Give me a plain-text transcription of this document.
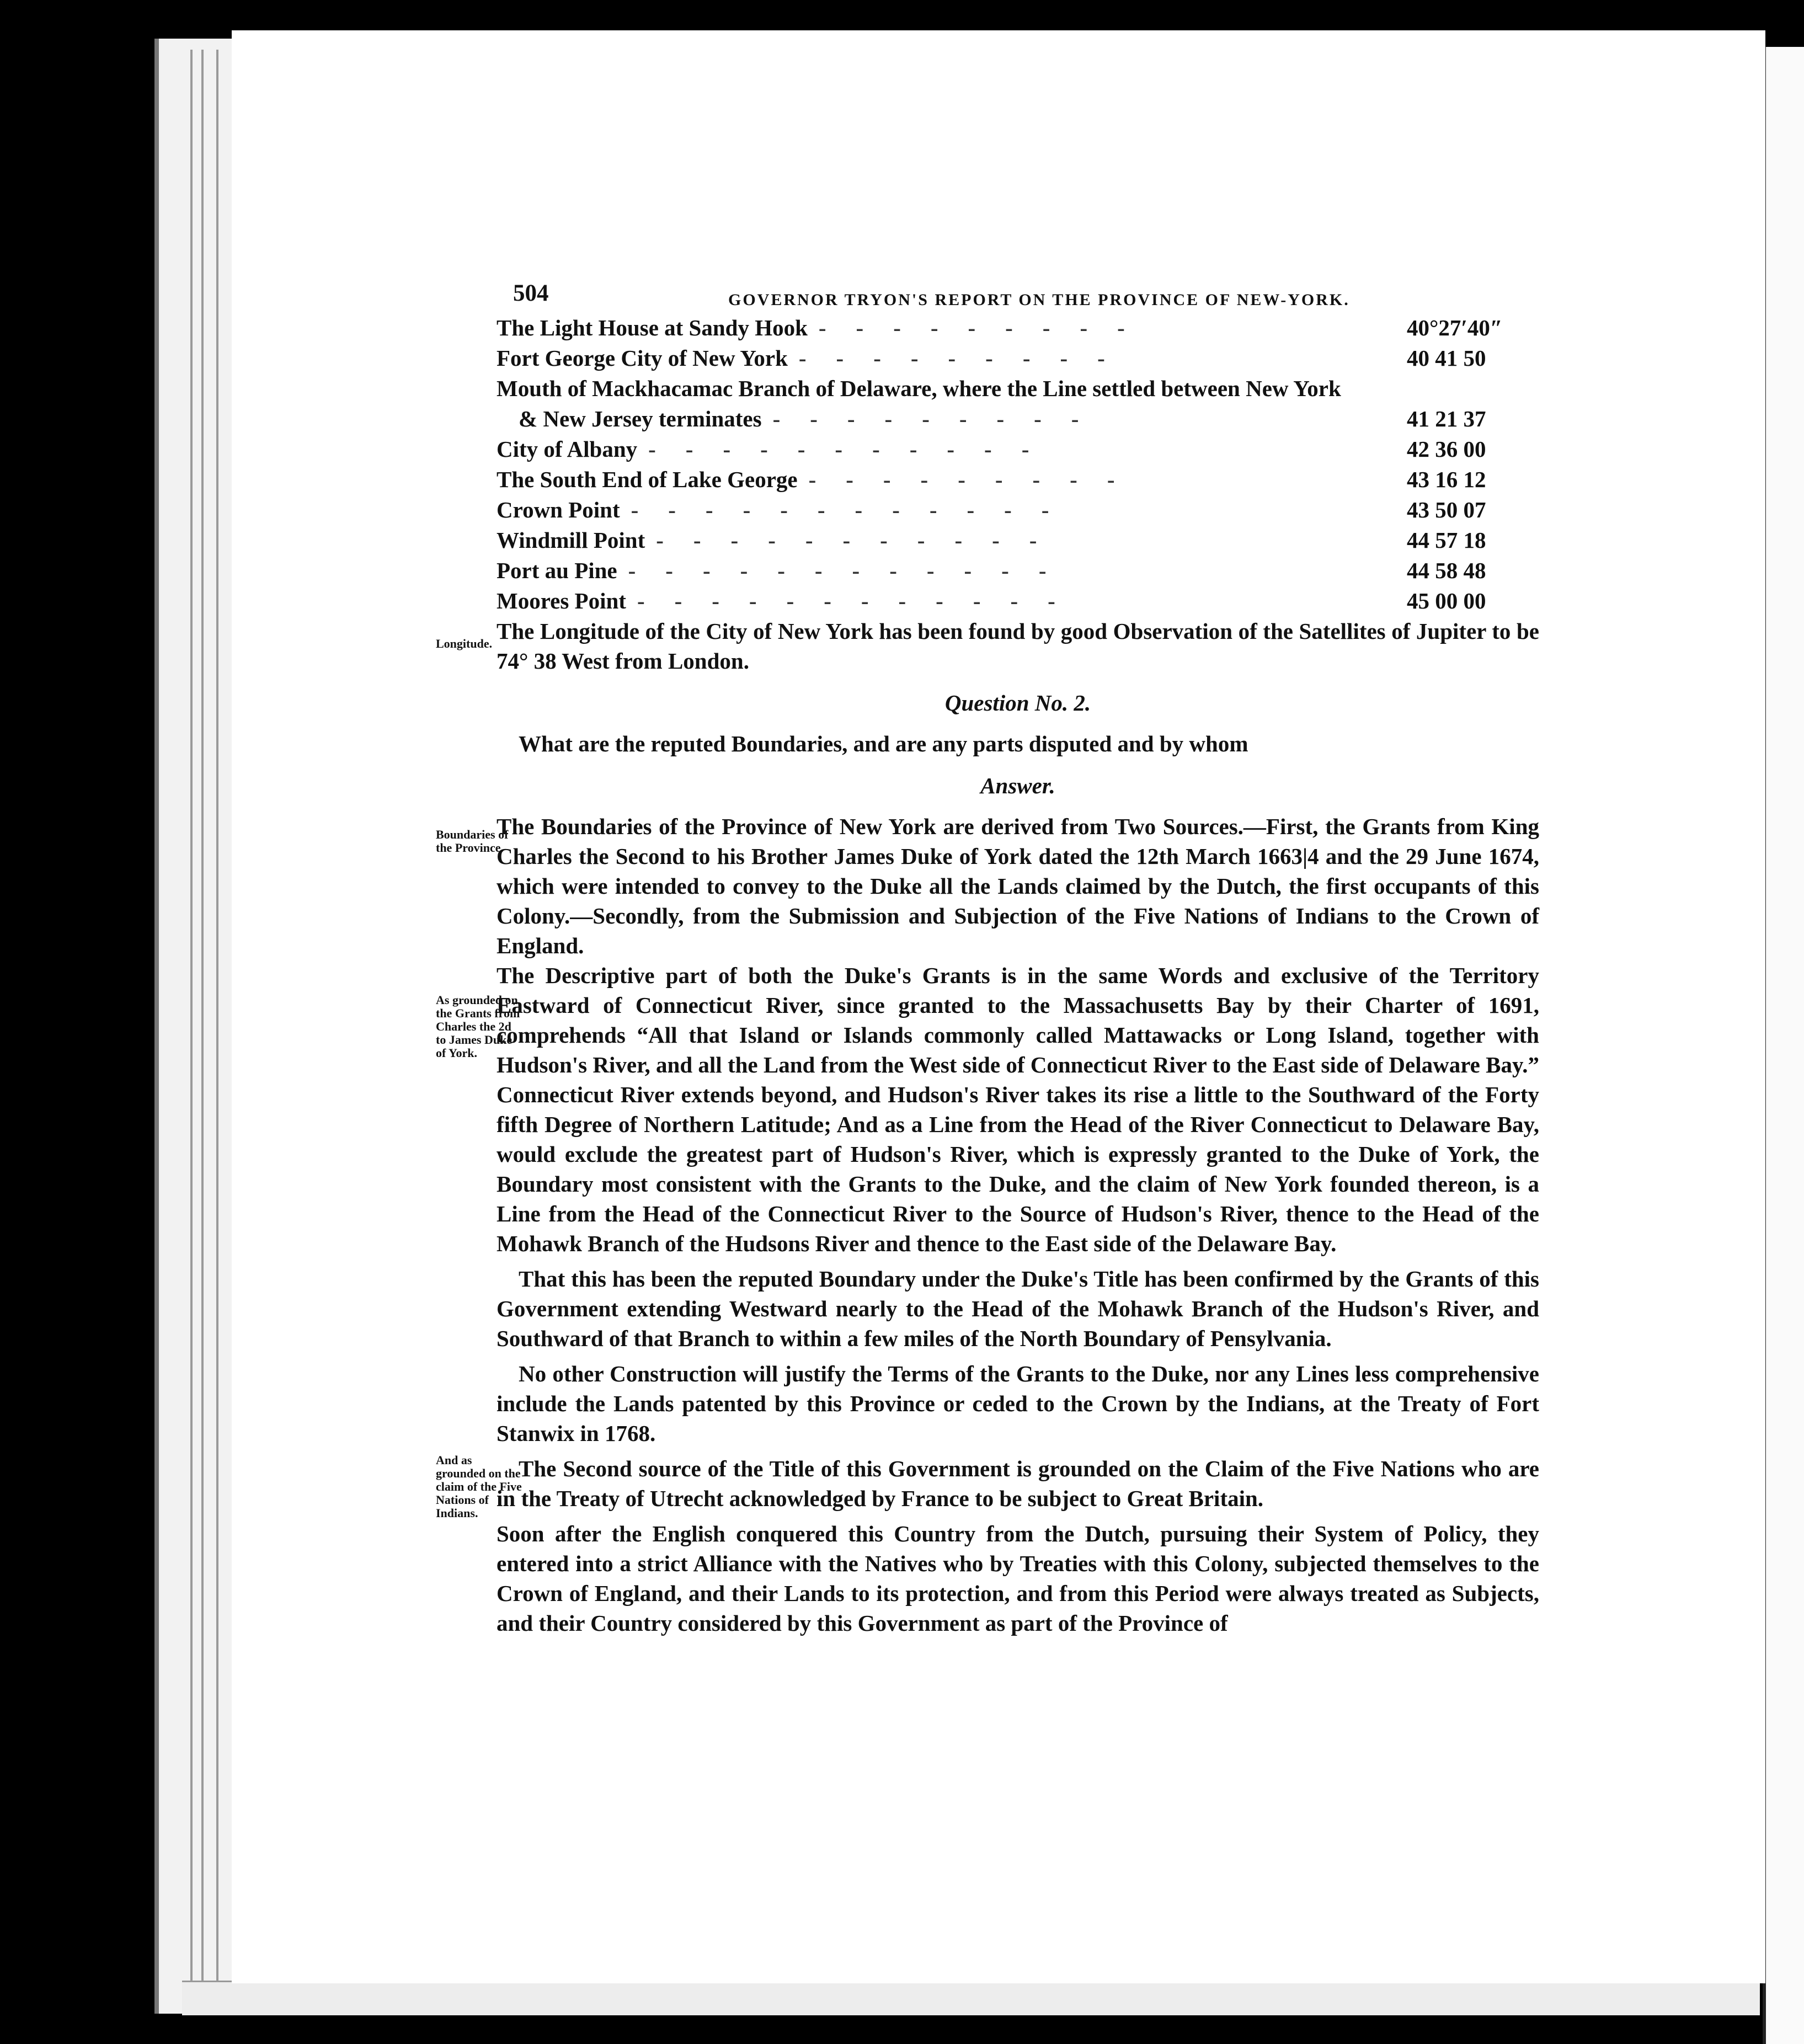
504	GOVERNOR TRYON'S REPORT ON THE PROVINCE OF NEW-YORK.
The Light House at Sandy Hook ---------	40°27′40″
Fort George City of New York ---------	40 41 50
Mouth of Mackhacamac Branch of Delaware, where the Line settled between New York
& New Jersey terminates ---------	41 21 37
City of Albany -----------	42 36 00
The South End of Lake George ---------	43 16 12
Crown Point ------------	43 50 07
Windmill Point -----------	44 57 18
Port au Pine ------------	44 58 48
Moores Point ------------	45 00 00
Longitude. The Longitude of the City of New York has been found by good Observation of the Satellites of Jupiter to be 74° 38 West from London.

Question No. 2.

What are the reputed Boundaries, and are any parts disputed and by whom

Answer.

Boundaries of the Province.

The Boundaries of the Province of New York are derived from Two Sources.—First, the Grants from King Charles the Second to his Brother James Duke of York dated the 12th March 1663|4 and the 29 June 1674, which were intended to convey to the Duke all the Lands claimed by the Dutch, the first occupants of this Colony.—Secondly, from the Submission and Subjection of the Five Nations of Indians to the Crown of England.

As grounded on the Grants from Charles the 2d to James Duke of York.

The Descriptive part of both the Duke's Grants is in the same Words and exclusive of the Territory Eastward of Connecticut River, since granted to the Massachusetts Bay by their Charter of 1691, comprehends “All that Island or Islands commonly called Mattawacks or Long Island, together with Hudson's River, and all the Land from the West side of Connecticut River to the East side of Delaware Bay.” Connecticut River extends beyond, and Hudson's River takes its rise a little to the Southward of the Forty fifth Degree of Northern Latitude; And as a Line from the Head of the River Connecticut to Delaware Bay, would exclude the greatest part of Hudson's River, which is expressly granted to the Duke of York, the Boundary most consistent with the Grants to the Duke, and the claim of New York founded thereon, is a Line from the Head of the Connecticut River to the Source of Hudson's River, thence to the Head of the Mohawk Branch of the Hudsons River and thence to the East side of the Delaware Bay.

That this has been the reputed Boundary under the Duke's Title has been confirmed by the Grants of this Government extending Westward nearly to the Head of the Mohawk Branch of the Hudson's River, and Southward of that Branch to within a few miles of the North Boundary of Pensylvania.

No other Construction will justify the Terms of the Grants to the Duke, nor any Lines less comprehensive include the Lands patented by this Province or ceded to the Crown by the Indians, at the Treaty of Fort Stanwix in 1768.

And as grounded on the claim of the Five Nations of Indians.

The Second source of the Title of this Government is grounded on the Claim of the Five Nations who are in the Treaty of Utrecht acknowledged by France to be subject to Great Britain.

Soon after the English conquered this Country from the Dutch, pursuing their System of Policy, they entered into a strict Alliance with the Natives who by Treaties with this Colony, subjected themselves to the Crown of England, and their Lands to its protection, and from this Period were always treated as Subjects, and their Country considered by this Government as part of the Province of
